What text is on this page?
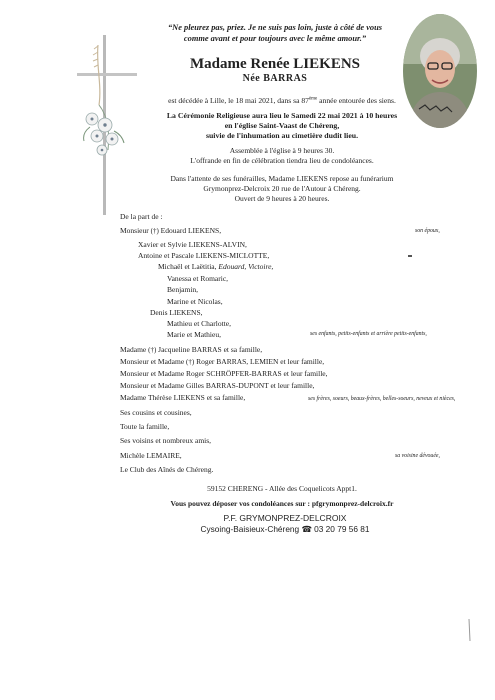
“Ne pleurez pas, priez. Je ne suis pas loin, juste à côté de vous
comme avant et pour toujours avec le même amour.”
Madame Renée LIEKENS
Née BARRAS
est décédée à Lille, le 18 mai 2021, dans sa 87ème année entourée des siens.
La Cérémonie Religieuse aura lieu le Samedi 22 mai 2021 à 10 heures
en l'église Saint-Vaast de Chéreng,
suivie de l'inhumation au cimetière dudit lieu.
Assemblée à l'église à 9 heures 30.
L'offrande en fin de célébration tiendra lieu de condoléances.
Dans l'attente de ses funérailles, Madame LIEKENS repose au funérarium
Grymonprez-Delcroix 20 rue de l'Autour à Chéreng.
Ouvert de 9 heures à 20 heures.
De la part de :
Monsieur (†) Edouard LIEKENS,	son époux,
Xavier et Sylvie LIEKENS-ALVIN,
Antoine et Pascale LIEKENS-MICLOTTE,
Michaël et Laëtitia, Edouard, Victoire,
Vanessa et Romaric,
Benjamin,
Marine et Nicolas,
Denis LIEKENS,
Mathieu et Charlotte,
Marie et Mathieu,	ses enfants, petits-enfants et arrière petits-enfants,
Madame (†) Jacqueline BARRAS et sa famille,
Monsieur et Madame (†) Roger BARRAS, LEMIEN et leur famille,
Monsieur et Madame Roger SCHRÖPFER-BARRAS et leur famille,
Monsieur et Madame Gilles BARRAS-DUPONT et leur famille,
Madame Thérèse LIEKENS et sa famille,	ses frères, soeurs, beaux-frères, belles-soeurs, neveux et nièces,
Ses cousins et cousines,
Toute la famille,
Ses voisins et nombreux amis,
Michèle LEMAIRE,	sa voisine dévouée,
Le Club des Aînés de Chéreng.
59152 CHERENG - Allée des Coquelicots Appt1.
Vous pouvez déposer vos condoléances sur : pfgrymonprez-delcroix.fr
P.F. GRYMONPREZ-DELCROIX
Cysoing-Baisieux-Chéreng ☎ 03 20 79 56 81
